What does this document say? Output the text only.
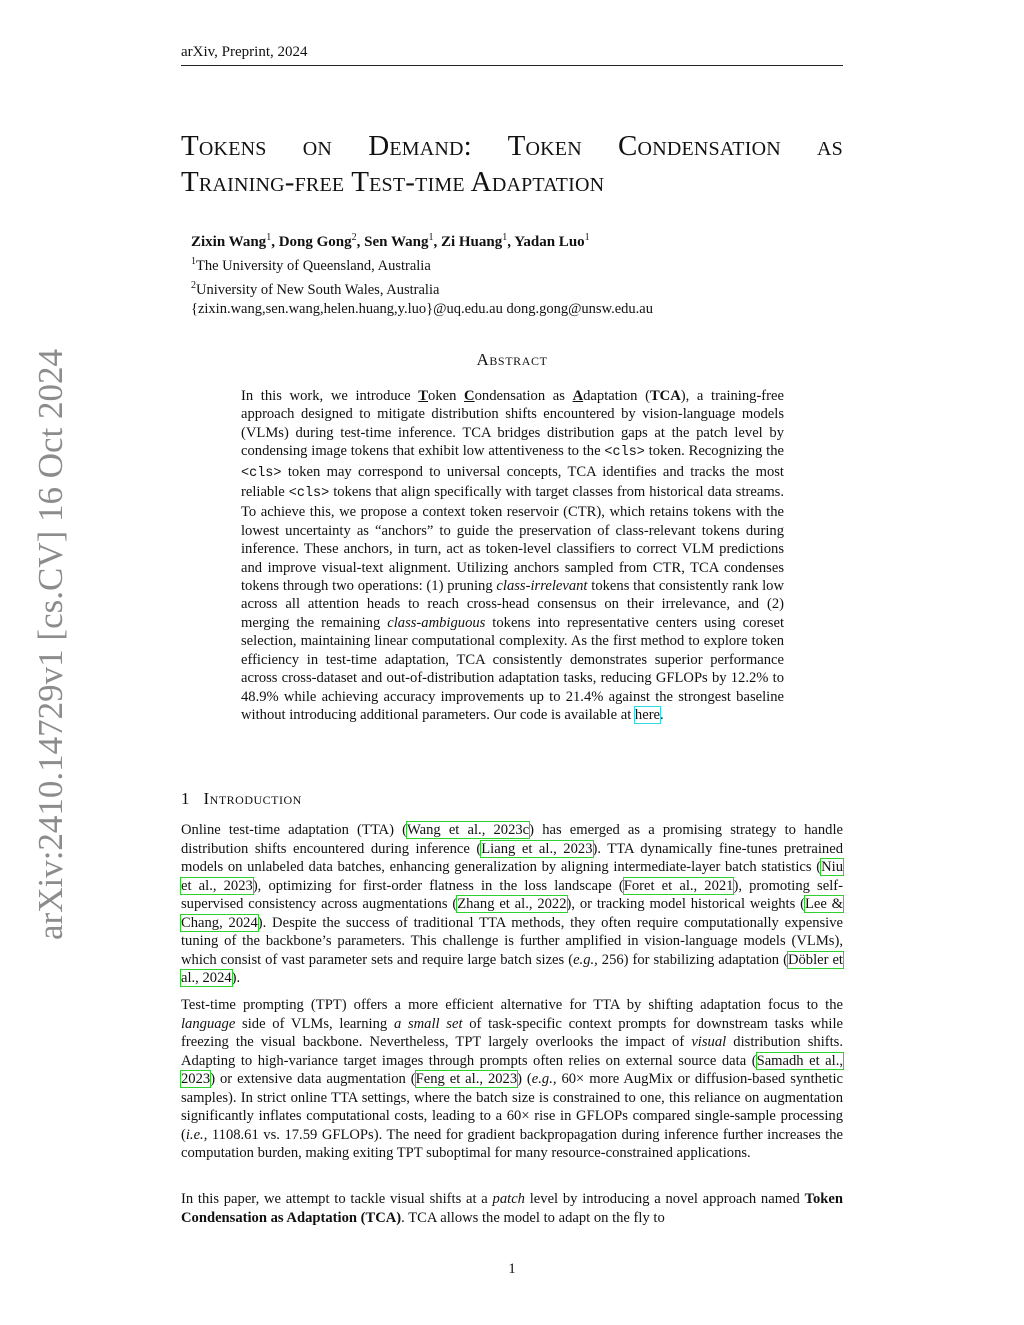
arXiv, Preprint, 2024
arXiv:2410.14729v1 [cs.CV] 16 Oct 2024
Tokens on Demand: Token Condensation as
Training-free Test-time Adaptation
Zixin Wang$^1$, Dong Gong$^2$, Sen Wang$^1$, Zi Huang$^1$, Yadan Luo$^1$
$^1$The University of Queensland, Australia
$^2$University of New South Wales, Australia
{zixin.wang,sen.wang,helen.huang,y.luo}@uq.edu.au dong.gong@unsw.edu.au
Abstract
In this work, we introduce Token Condensation as Adaptation (TCA), a training-free approach designed to mitigate distribution shifts encountered by vision-language models (VLMs) during test-time inference. TCA bridges distribution gaps at the patch level by condensing image tokens that exhibit low attentiveness to the <cls> token. Recognizing the <cls> token may correspond to universal concepts, TCA identifies and tracks the most reliable <cls> tokens that align specifically with target classes from historical data streams. To achieve this, we propose a context token reservoir (CTR), which retains tokens with the lowest uncertainty as “anchors” to guide the preservation of class-relevant tokens during inference. These anchors, in turn, act as token-level classifiers to correct VLM predictions and improve visual-text alignment. Utilizing anchors sampled from CTR, TCA condenses tokens through two operations: (1) pruning class-irrelevant tokens that consistently rank low across all attention heads to reach cross-head consensus on their irrelevance, and (2) merging the remaining class-ambiguous tokens into representative centers using coreset selection, maintaining linear computational complexity. As the first method to explore token efficiency in test-time adaptation, TCA consistently demonstrates superior performance across cross-dataset and out-of-distribution adaptation tasks, reducing GFLOPs by 12.2% to 48.9% while achieving accuracy improvements up to 21.4% against the strongest baseline without introducing additional parameters. Our code is available at here.
1 Introduction
Online test-time adaptation (TTA) (Wang et al., 2023c) has emerged as a promising strategy to handle distribution shifts encountered during inference (Liang et al., 2023). TTA dynamically fine-tunes pretrained models on unlabeled data batches, enhancing generalization by aligning intermediate-layer batch statistics (Niu et al., 2023), optimizing for first-order flatness in the loss landscape (Foret et al., 2021), promoting self-supervised consistency across augmentations (Zhang et al., 2022), or tracking model historical weights (Lee & Chang, 2024). Despite the success of traditional TTA methods, they often require computationally expensive tuning of the backbone’s parameters. This challenge is further amplified in vision-language models (VLMs), which consist of vast parameter sets and require large batch sizes (e.g., 256) for stabilizing adaptation (Döbler et al., 2024).
Test-time prompting (TPT) offers a more efficient alternative for TTA by shifting adaptation focus to the language side of VLMs, learning a small set of task-specific context prompts for downstream tasks while freezing the visual backbone. Nevertheless, TPT largely overlooks the impact of visual distribution shifts. Adapting to high-variance target images through prompts often relies on external source data (Samadh et al., 2023) or extensive data augmentation (Feng et al., 2023) (e.g., 60× more AugMix or diffusion-based synthetic samples). In strict online TTA settings, where the batch size is constrained to one, this reliance on augmentation significantly inflates computational costs, leading to a 60× rise in GFLOPs compared single-sample processing (i.e., 1108.61 vs. 17.59 GFLOPs). The need for gradient backpropagation during inference further increases the computation burden, making exiting TPT suboptimal for many resource-constrained applications.
In this paper, we attempt to tackle visual shifts at a patch level by introducing a novel approach named Token Condensation as Adaptation (TCA). TCA allows the model to adapt on the fly to
1
